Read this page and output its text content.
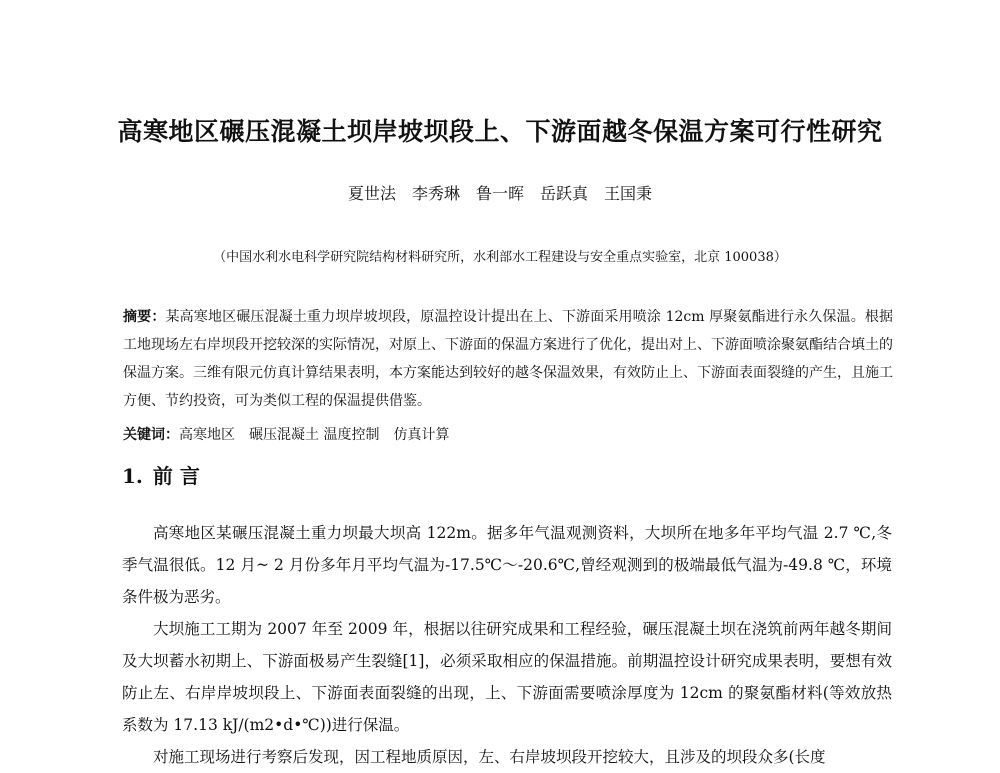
高寒地区碾压混凝土坝岸坡坝段上、下游面越冬保温方案可行性研究
夏世法　李秀琳　鲁一晖　岳跃真　王国秉
（中国水利水电科学研究院结构材料研究所，水利部水工程建设与安全重点实验室，北京 100038）

摘要：某高寒地区碾压混凝土重力坝岸坡坝段，原温控设计提出在上、下游面采用喷涂 12cm 厚聚氨酯进行永久保温。根据工地现场左右岸坝段开挖较深的实际情况，对原上、下游面的保温方案进行了优化，提出对上、下游面喷涂聚氨酯结合填土的保温方案。三维有限元仿真计算结果表明，本方案能达到较好的越冬保温效果，有效防止上、下游面表面裂缝的产生，且施工方便、节约投资，可为类似工程的保温提供借鉴。

关键词：高寒地区　碾压混凝土 温度控制　仿真计算

1. 前 言

高寒地区某碾压混凝土重力坝最大坝高 122m。据多年气温观测资料，大坝所在地多年平均气温 2.7 ℃,冬季气温很低。12 月~ 2 月份多年月平均气温为-17.5℃～-20.6℃,曾经观测到的极端最低气温为-49.8 ℃，环境条件极为恶劣。

大坝施工工期为 2007 年至 2009 年，根据以往研究成果和工程经验，碾压混凝土坝在浇筑前两年越冬期间及大坝蓄水初期上、下游面极易产生裂缝[1]，必须采取相应的保温措施。前期温控设计研究成果表明，要想有效防止左、右岸岸坡坝段上、下游面表面裂缝的出现，上、下游面需要喷涂厚度为 12cm 的聚氨酯材料(等效放热系数为 17.13 kJ/(m2•d•℃))进行保温。

对施工现场进行考察后发现，因工程地质原因，左、右岸坡坝段开挖较大，且涉及的坝段众多(长度
